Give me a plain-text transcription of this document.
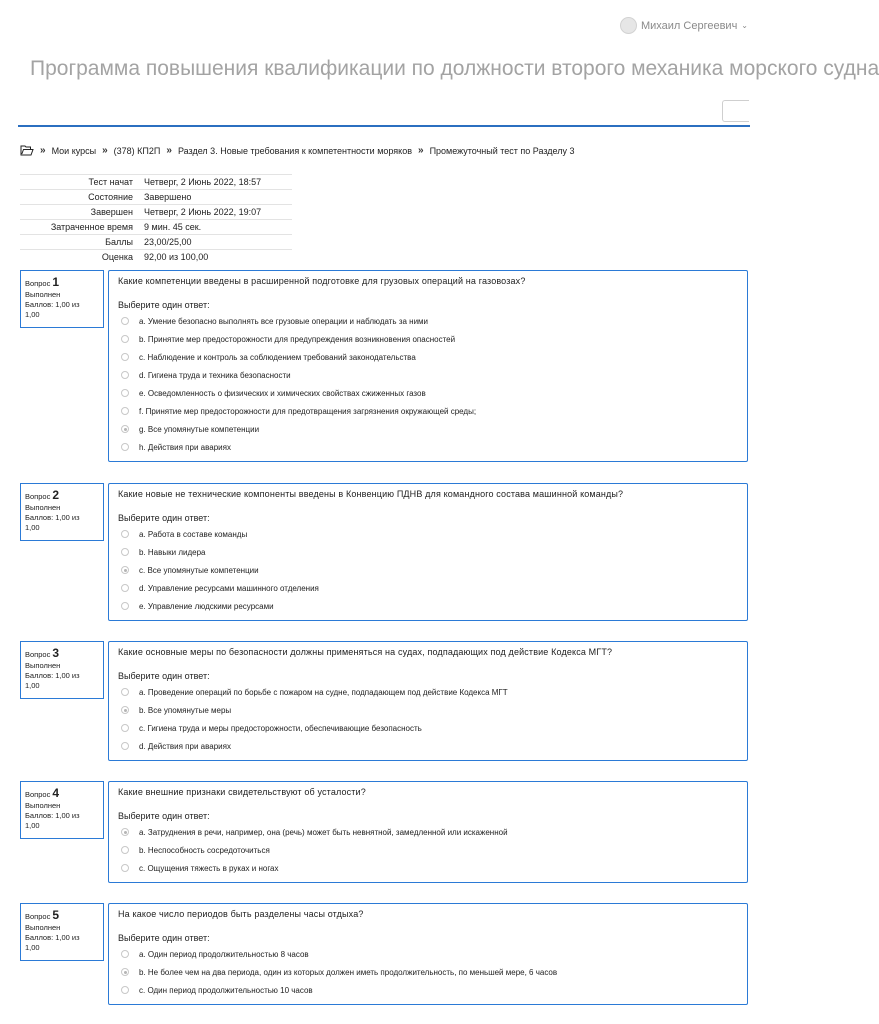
Михаил Сергеевич ⌄
Программа повышения квалификации по должности второго механика морского судна
» Мои курсы » (378) КП2П » Раздел 3. Новые требования к компетентности моряков » Промежуточный тест по Разделу 3
Тест начат	Четверг, 2 Июнь 2022, 18:57
Состояние	Завершено
Завершен	Четверг, 2 Июнь 2022, 19:07
Затраченное время	9 мин. 45 сек.
Баллы	23,00/25,00
Оценка	92,00 из 100,00
Вопрос 1
Выполнен
Баллов: 1,00 из
1,00
Какие компетенции введены в расширенной подготовке для грузовых операций на газовозах?
Выберите один ответ:
a. Умение безопасно выполнять все грузовые операции и наблюдать за ними
b. Принятие мер предосторожности для предупреждения возникновения опасностей
c. Наблюдение и контроль за соблюдением требований законодательства
d. Гигиена труда и техника безопасности
e. Осведомленность о физических и химических свойствах сжиженных газов
f. Принятие мер предосторожности для предотвращения загрязнения окружающей среды;
g. Все упомянутые компетенции
h. Действия при авариях
Вопрос 2
Выполнен
Баллов: 1,00 из
1,00
Какие новые не технические компоненты введены в Конвенцию ПДНВ для командного состава машинной команды?
Выберите один ответ:
a. Работа в составе команды
b. Навыки лидера
c. Все упомянутые компетенции
d. Управление ресурсами машинного отделения
e. Управление людскими ресурсами
Вопрос 3
Выполнен
Баллов: 1,00 из
1,00
Какие основные меры по безопасности должны применяться на судах, подпадающих под действие Кодекса МГТ?
Выберите один ответ:
a. Проведение операций по борьбе с пожаром на судне, подпадающем под действие Кодекса МГТ
b. Все упомянутые меры
c. Гигиена труда и меры предосторожности, обеспечивающие безопасность
d. Действия при авариях
Вопрос 4
Выполнен
Баллов: 1,00 из
1,00
Какие внешние признаки свидетельствуют об усталости?
Выберите один ответ:
a. Затруднения в речи, например, она (речь) может быть невнятной, замедленной или искаженной
b. Неспособность сосредоточиться
c. Ощущения тяжесть в руках и ногах
Вопрос 5
Выполнен
Баллов: 1,00 из
1,00
На какое число периодов быть разделены часы отдыха?
Выберите один ответ:
a. Один период продолжительностью 8 часов
b. Не более чем на два периода, один из которых должен иметь продолжительность, по меньшей мере, 6 часов
c. Один период продолжительностью 10 часов
